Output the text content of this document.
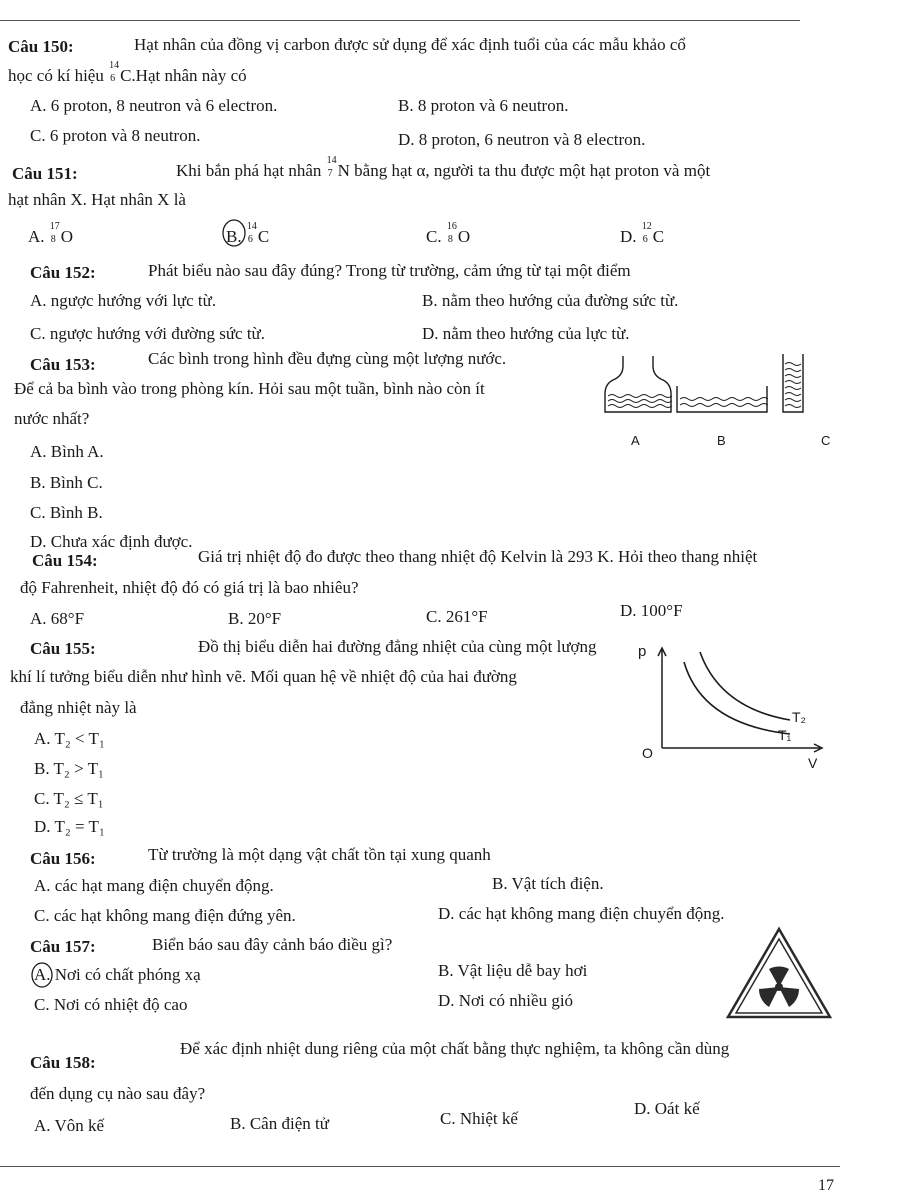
Câu 150:	Hạt nhân của đồng vị carbon được sử dụng để xác định tuổi của các mẫu khảo cổ
học có kí hiệu
14
6 C.Hạt nhân này có
A. 6 proton, 8 neutron và 6 electron.	B. 8 proton và 6 neutron.
C. 6 proton và 8 neutron.	D. 8 proton, 6 neutron và 8 electron.
Câu 151:	Khi bắn phá hạt nhân
14
7 N bằng hạt α, người ta thu được một hạt proton và một
hạt nhân X. Hạt nhân X là
A.
17
8 O	B.
14
6 C	C.
16
8 O	D.
12
6 C
Câu 152:	Phát biểu nào sau đây đúng? Trong từ trường, cảm ứng từ tại một điểm
A. ngược hướng với lực từ.	B. nằm theo hướng của đường sức từ.
C. ngược hướng với đường sức từ.	D. nằm theo hướng của lực từ.
Câu 153:	Các bình trong hình đều đựng cùng một lượng nước.
Để cả ba bình vào trong phòng kín. Hỏi sau một tuần, bình nào còn ít
nước nhất?
A. Bình A.
B. Bình C.
C. Bình B.
D. Chưa xác định được.
A	B	C
Câu 154:	Giá trị nhiệt độ đo được theo thang nhiệt độ Kelvin là 293 K. Hỏi theo thang nhiệt
độ Fahrenheit, nhiệt độ đó có giá trị là bao nhiêu?
A. 68°F	B. 20°F	C. 261°F	D. 100°F
Câu 155:	Đồ thị biểu diễn hai đường đẳng nhiệt của cùng một lượng
khí lí tưởng biểu diễn như hình vẽ. Mối quan hệ về nhiệt độ của hai đường
đẳng nhiệt này là
A. T₂ < T₁
B. T₂ > T₁
C. T₂ ≤ T₁
D. T₂ = T₁
p
V
O
T₂
T₁
Câu 156:	Từ trường là một dạng vật chất tồn tại xung quanh
A. các hạt mang điện chuyển động.	B. Vật tích điện.
C. các hạt không mang điện đứng yên.	D. các hạt không mang điện chuyển động.
Câu 157:	Biển báo sau đây cảnh báo điều gì?
A. Nơi có chất phóng xạ	B. Vật liệu dễ bay hơi
C. Nơi có nhiệt độ cao	D. Nơi có nhiều gió
Câu 158:
Để xác định nhiệt dung riêng của một chất bằng thực nghiệm, ta không cần dùng
đến dụng cụ nào sau đây?
A. Vôn kế	B. Cân điện tử	C. Nhiệt kế
D. Oát kế
17
